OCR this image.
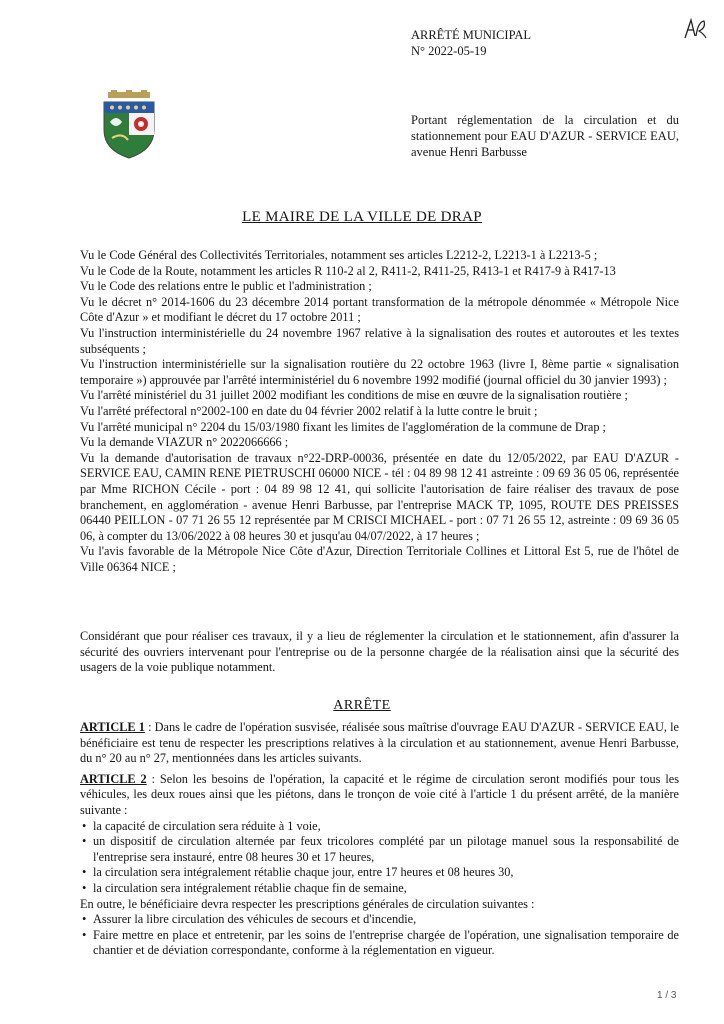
ARRÊTÉ MUNICIPAL
N° 2022-05-19
Portant réglementation de la circulation et du stationnement pour EAU D'AZUR - SERVICE EAU, avenue Henri Barbusse
LE MAIRE DE LA VILLE DE DRAP

Vu le Code Général des Collectivités Territoriales, notamment ses articles L2212-2, L2213-1 à L2213-5 ;

Vu le Code de la Route, notamment les articles R 110-2 al 2, R411-2, R411-25, R413-1 et R417-9 à R417-13

Vu le Code des relations entre le public et l'administration ;

Vu le décret n° 2014-1606 du 23 décembre 2014 portant transformation de la métropole dénommée « Métropole Nice Côte d'Azur » et modifiant le décret du 17 octobre 2011 ;

Vu l'instruction interministérielle du 24 novembre 1967 relative à la signalisation des routes et autoroutes et les textes subséquents ;

Vu l'instruction interministérielle sur la signalisation routière du 22 octobre 1963 (livre I, 8ème partie « signalisation temporaire ») approuvée par l'arrêté interministériel du 6 novembre 1992 modifié (journal officiel du 30 janvier 1993) ;

Vu l'arrêté ministériel du 31 juillet 2002 modifiant les conditions de mise en œuvre de la signalisation routière ;

Vu l'arrêté préfectoral n°2002-100 en date du 04 février 2002 relatif à la lutte contre le bruit ;

Vu l'arrêté municipal n° 2204 du 15/03/1980 fixant les limites de l'agglomération de la commune de Drap ;

Vu la demande VIAZUR n° 2022066666 ;

Vu la demande d'autorisation de travaux n°22-DRP-00036, présentée en date du 12/05/2022, par EAU D'AZUR - SERVICE EAU, CAMIN RENE PIETRUSCHI 06000 NICE - tél : 04 89 98 12 41 astreinte : 09 69 36 05 06, représentée par Mme RICHON Cécile - port : 04 89 98 12 41, qui sollicite l'autorisation de faire réaliser des travaux de pose branchement, en agglomération - avenue Henri Barbusse, par l'entreprise MACK TP, 1095, ROUTE DES PREISSES 06440 PEILLON - 07 71 26 55 12 représentée par M CRISCI MICHAEL - port : 07 71 26 55 12, astreinte : 09 69 36 05 06, à compter du 13/06/2022 à 08 heures 30 et jusqu'au 04/07/2022, à 17 heures ;

Vu l'avis favorable de la Métropole Nice Côte d'Azur, Direction Territoriale Collines et Littoral Est 5, rue de l'hôtel de Ville 06364 NICE ;

Considérant que pour réaliser ces travaux, il y a lieu de réglementer la circulation et le stationnement, afin d'assurer la sécurité des ouvriers intervenant pour l'entreprise ou de la personne chargée de la réalisation ainsi que la sécurité des usagers de la voie publique notamment.

ARRÊTE

ARTICLE 1 : Dans le cadre de l'opération susvisée, réalisée sous maîtrise d'ouvrage EAU D'AZUR - SERVICE EAU, le bénéficiaire est tenu de respecter les prescriptions relatives à la circulation et au stationnement, avenue Henri Barbusse, du n° 20 au n° 27, mentionnées dans les articles suivants.

ARTICLE 2 : Selon les besoins de l'opération, la capacité et le régime de circulation seront modifiés pour tous les véhicules, les deux roues ainsi que les piétons, dans le tronçon de voie cité à l'article 1 du présent arrêté, de la manière suivante :

• la capacité de circulation sera réduite à 1 voie,

• un dispositif de circulation alternée par feux tricolores complété par un pilotage manuel sous la responsabilité de l'entreprise sera instauré, entre 08 heures 30 et 17 heures,

• la circulation sera intégralement rétablie chaque jour, entre 17 heures et 08 heures 30,

• la circulation sera intégralement rétablie chaque fin de semaine,

En outre, le bénéficiaire devra respecter les prescriptions générales de circulation suivantes :

• Assurer la libre circulation des véhicules de secours et d'incendie,

• Faire mettre en place et entretenir, par les soins de l'entreprise chargée de l'opération, une signalisation temporaire de chantier et de déviation correspondante, conforme à la réglementation en vigueur.

1 / 3
